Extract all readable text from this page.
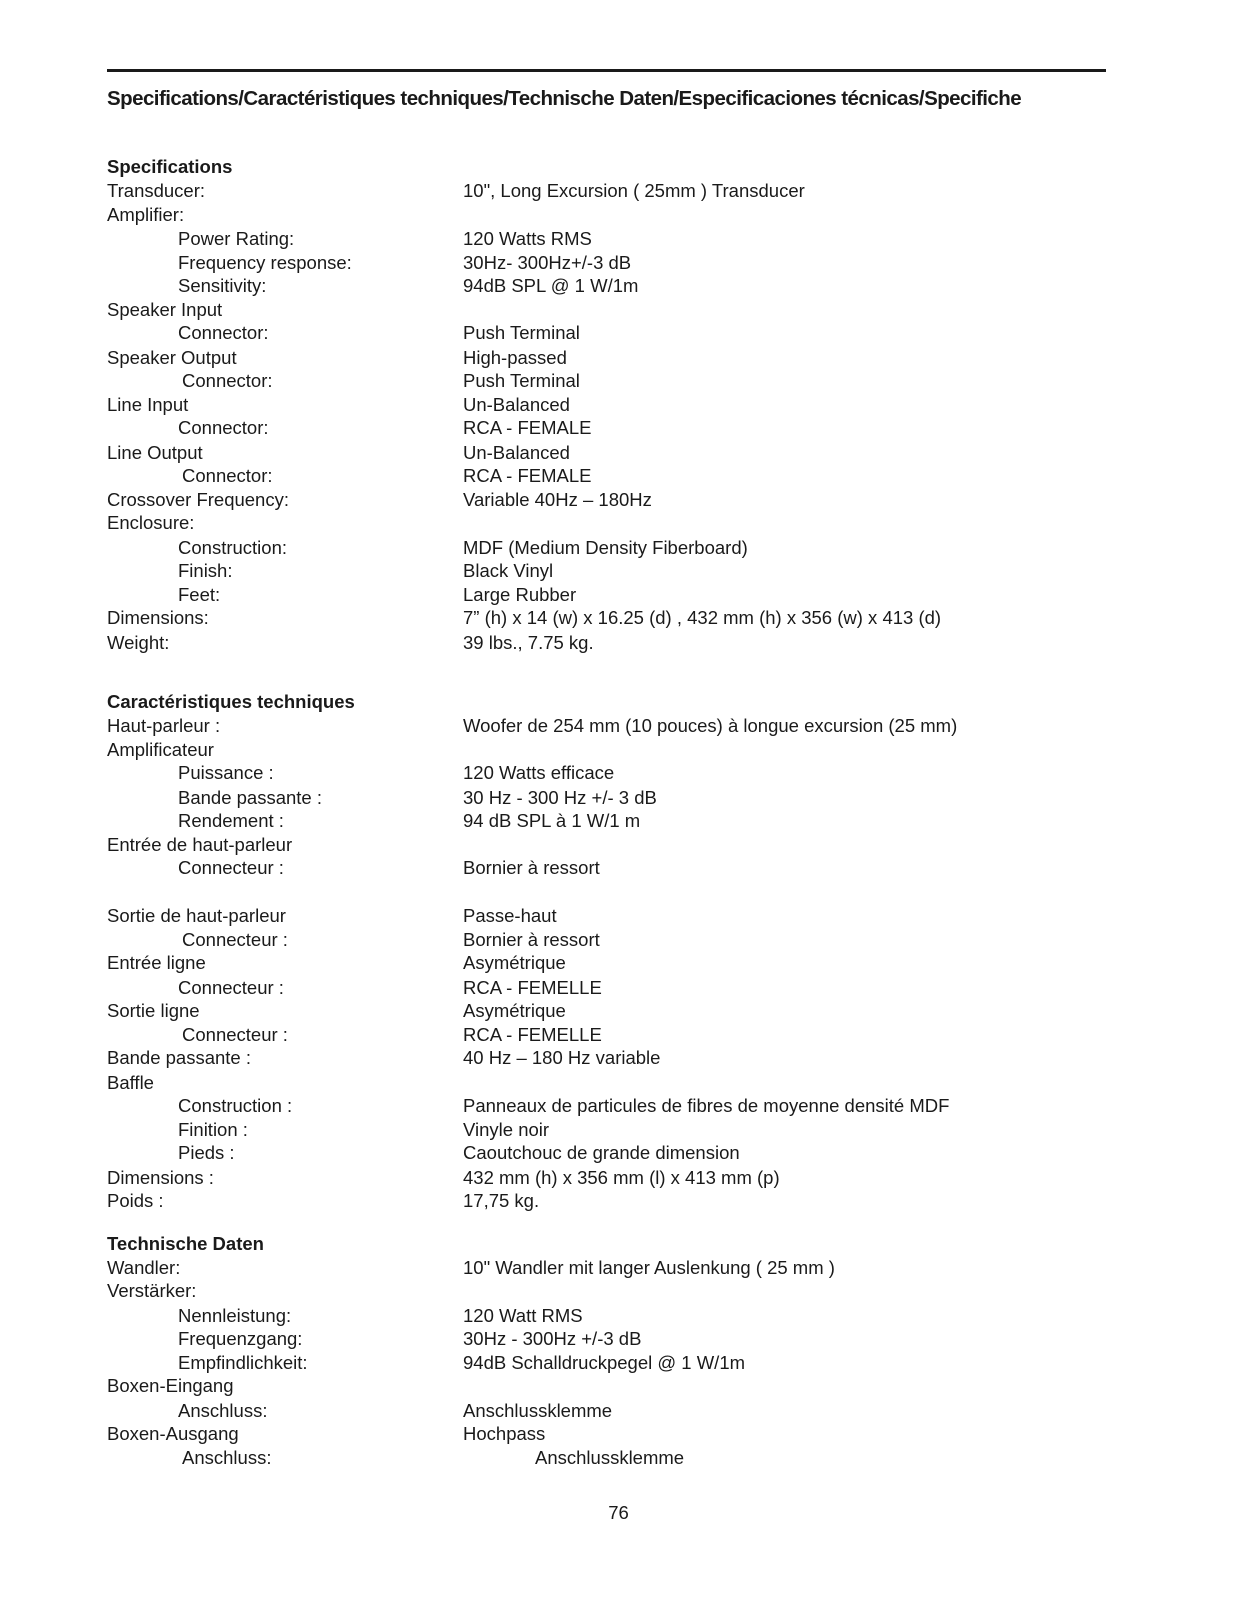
Specifications/Caractéristiques techniques/Technische Daten/Especificaciones técnicas/Specifiche
Specifications
Transducer:	10", Long Excursion ( 25mm ) Transducer
Amplifier:
Power Rating:	120 Watts RMS
Frequency response:	30Hz- 300Hz+/-3 dB
Sensitivity:	94dB SPL @ 1 W/1m
Speaker Input
Connector:	Push Terminal
Speaker Output	High-passed
Connector:	Push Terminal
Line Input	Un-Balanced
Connector:	RCA - FEMALE
Line Output	Un-Balanced
Connector:	RCA - FEMALE
Crossover Frequency:	Variable 40Hz – 180Hz
Enclosure:
Construction:	MDF (Medium Density Fiberboard)
Finish:	Black Vinyl
Feet:	Large Rubber
Dimensions:	7” (h) x 14 (w) x 16.25 (d) , 432 mm (h) x 356 (w) x 413 (d)
Weight:	39 lbs., 7.75 kg.
Caractéristiques techniques
Haut-parleur :	Woofer de 254 mm (10 pouces) à longue excursion (25 mm)
Amplificateur
Puissance :	120 Watts efficace
Bande passante :	30 Hz - 300 Hz +/- 3 dB
Rendement :	94 dB SPL à 1 W/1 m
Entrée de haut-parleur
Connecteur :	Bornier à ressort
Sortie de haut-parleur	Passe-haut
Connecteur :	Bornier à ressort
Entrée ligne	Asymétrique
Connecteur :	RCA - FEMELLE
Sortie ligne	Asymétrique
Connecteur :	RCA - FEMELLE
Bande passante :	40 Hz – 180 Hz variable
Baffle
Construction :	Panneaux de particules de fibres de moyenne densité MDF
Finition :	Vinyle noir
Pieds :	Caoutchouc de grande dimension
Dimensions :	432 mm (h) x 356 mm (l) x 413 mm (p)
Poids :	17,75 kg.
Technische Daten
Wandler:	10" Wandler mit langer Auslenkung ( 25 mm )
Verstärker:
Nennleistung:	120 Watt RMS
Frequenzgang:	30Hz - 300Hz +/-3 dB
Empfindlichkeit:	94dB Schalldruckpegel @ 1 W/1m
Boxen-Eingang
Anschluss:	Anschlussklemme
Boxen-Ausgang	Hochpass
Anschluss:	Anschlussklemme
76
